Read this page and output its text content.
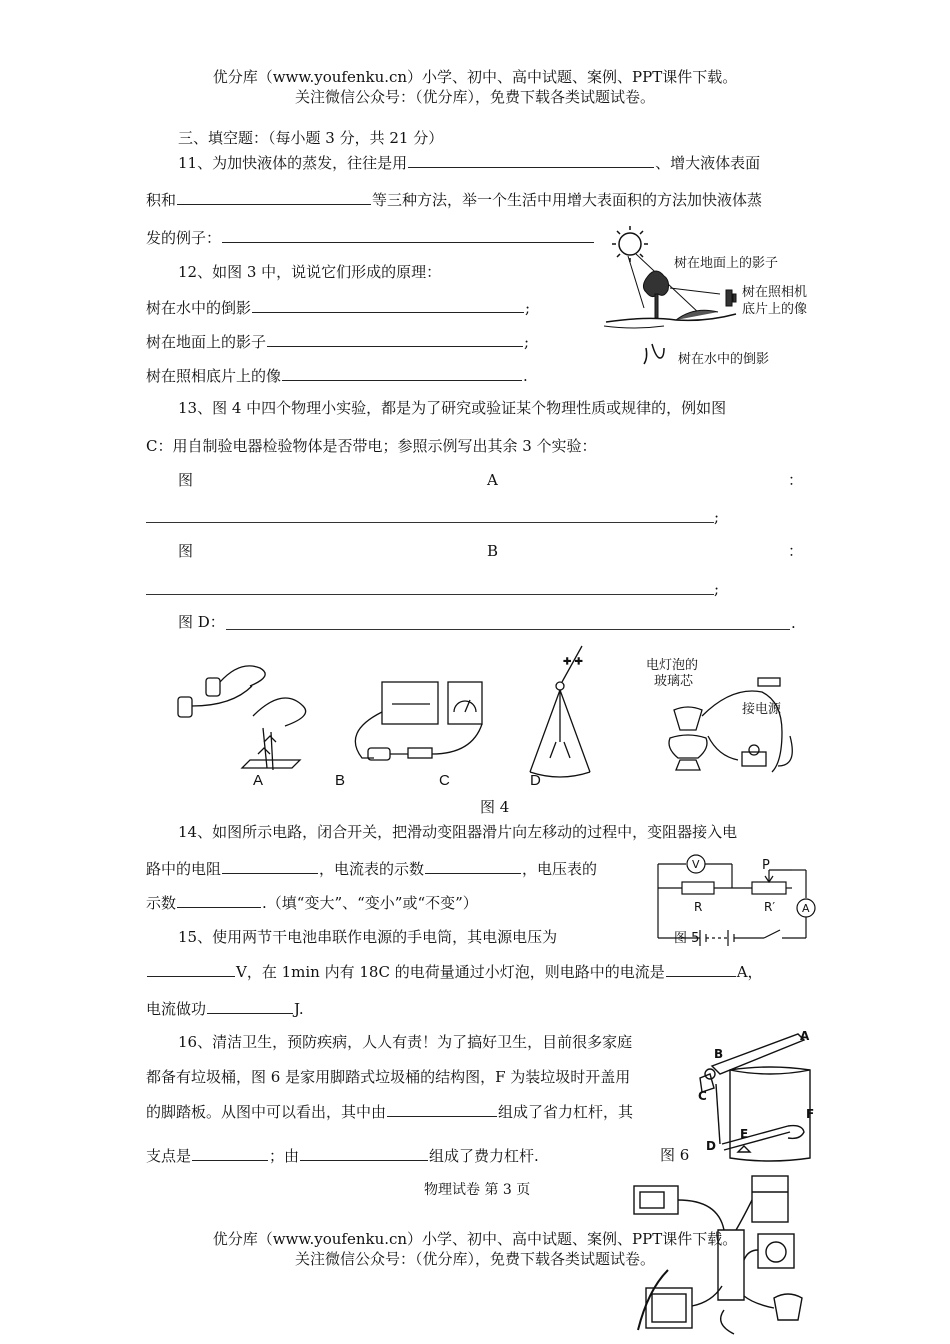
优分库（www.youfenku.cn）小学、初中、高中试题、案例、PPT课件下载。
关注微信公众号：（优分库），免费下载各类试题试卷。
三、填空题：（每小题 3 分，共 21 分）
11、为加快液体的蒸发，往往是用	、增大液体表面
积和	等三种方法，举一个生活中用增大表面积的方法加快液体蒸
发的例子：
12、如图 3 中，说说它们形成的原理：
树在水中的倒影	;
树在地面上的影子	;
树在照相底片上的像	.
树在地面上的影子
树在照相机
底片上的像
树在水中的倒影
13、图 4 中四个物理小实验，都是为了研究或验证某个物理性质或规律的，例如图
C：用自制验电器检验物体是否带电；参照示例写出其余 3 个实验：
图	A	：
;
图	B	：
;
图 D：	.
+ +	电灯泡的
玻璃芯
接电源
A	B	C	D
图 4
14、如图所示电路，闭合开关，把滑动变阻器滑片向左移动的过程中，变阻器接入电
路中的电阻	，电流表的示数	，电压表的
示数	.（填“变大”、“变小”或“不变”）
V	P
R	R′ A
图 5
15、使用两节干电池串联作电源的手电筒，其电源电压为
V，在 1min 内有 18C 的电荷量通过小灯泡，则电路中的电流是	A，
电流做功	J.
16、清洁卫生，预防疾病，人人有责！为了搞好卫生，目前很多家庭
都备有垃圾桶，图 6 是家用脚踏式垃圾桶的结构图，F 为装垃圾时开盖用
的脚踏板。从图中可以看出，其中由	组成了省力杠杆，其
支点是	；由	组成了费力杠杆.
A
B
C
D
E
F
图 6
物理试卷 第 3 页
优分库（www.youfenku.cn）小学、初中、高中试题、案例、PPT课件下载。
关注微信公众号：（优分库），免费下载各类试题试卷。
